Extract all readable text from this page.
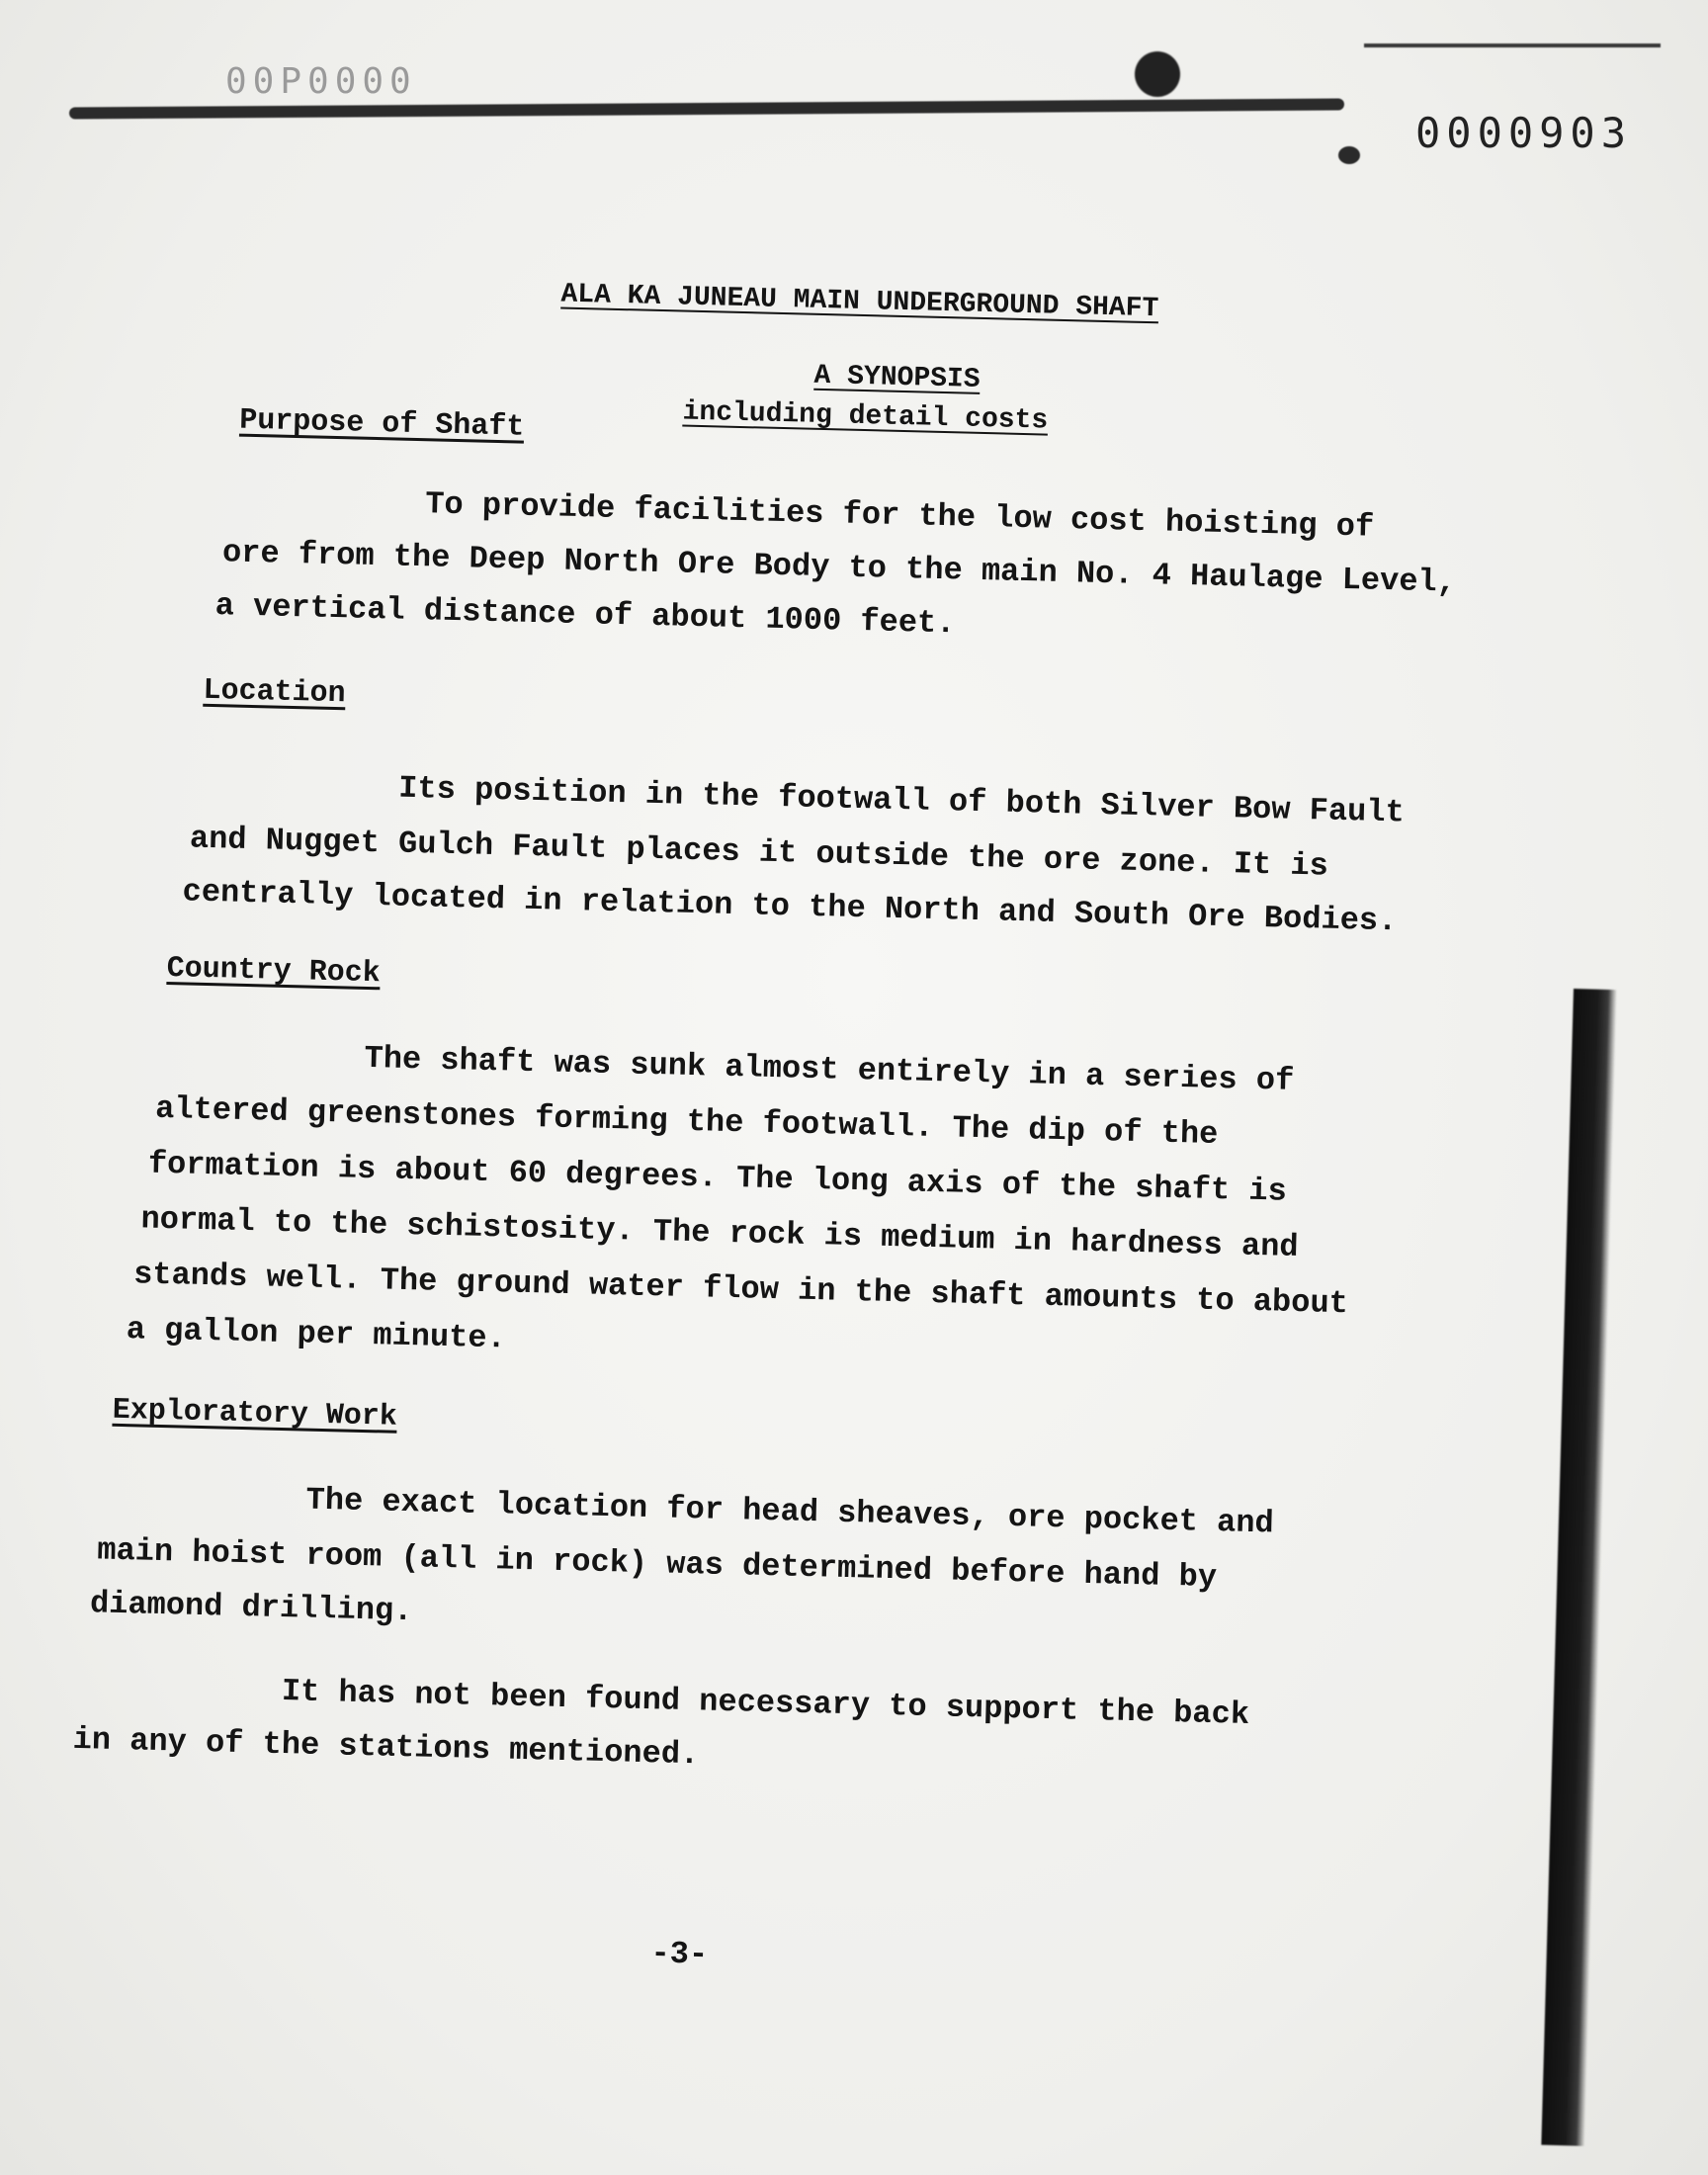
00P0000
0000903
ALA KA JUNEAU MAIN UNDERGROUND SHAFT
A SYNOPSIS
including detail costs
Purpose of Shaft
To provide facilities for the low cost hoisting of
ore from the Deep North Ore Body to the main No. 4 Haulage Level,
a vertical distance of about 1000 feet.
Location
Its position in the footwall of both Silver Bow Fault
and Nugget Gulch Fault places it outside the ore zone. It is
centrally located in relation to the North and South Ore Bodies.
Country Rock
The shaft was sunk almost entirely in a series of
altered greenstones forming the footwall. The dip of the
formation is about 60 degrees. The long axis of the shaft is
normal to the schistosity. The rock is medium in hardness and
stands well. The ground water flow in the shaft amounts to about
a gallon per minute.
Exploratory Work
The exact location for head sheaves, ore pocket and
main hoist room (all in rock) was determined before hand by
diamond drilling.
It has not been found necessary to support the back
in any of the stations mentioned.
-3-
